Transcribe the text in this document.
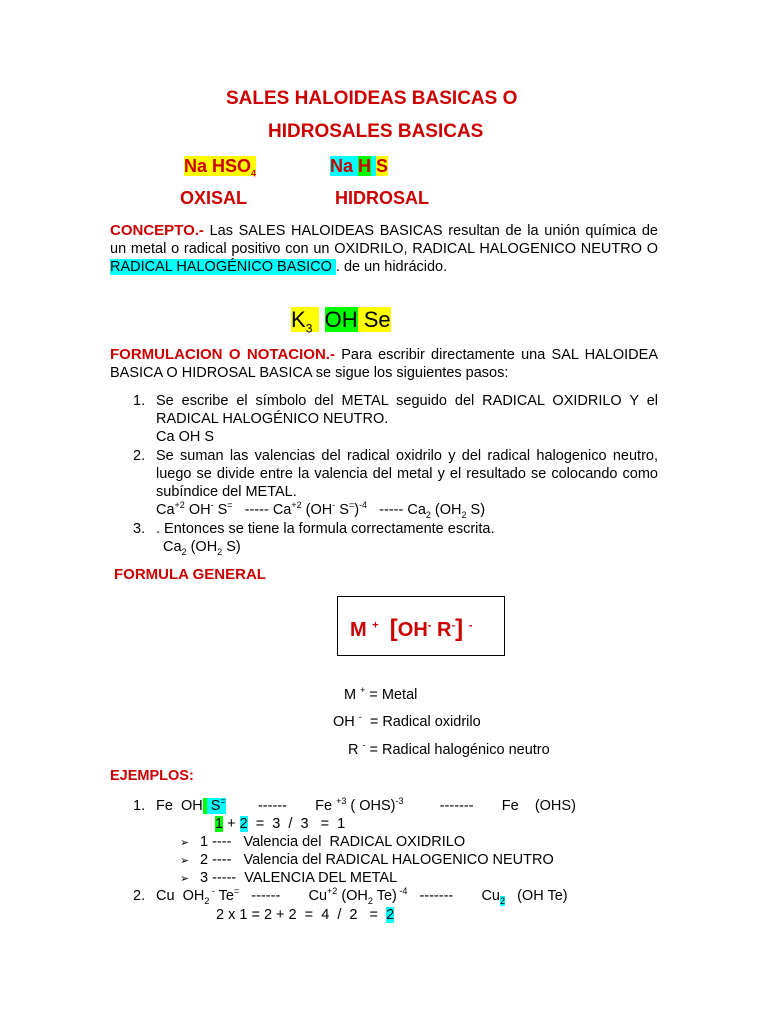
SALES HALOIDEAS BASICAS O
HIDROSALES BASICAS
Na $HSO_4$	Na H S
OXISAL	HIDROSAL
CONCEPTO.- Las SALES HALOIDEAS BASICAS resultan de la unión química de un metal o radical positivo con un OXIDRILO, RADICAL HALOGENICO NEUTRO O RADICAL HALOGÉNICO BASICO . de un hidrácido.
$K_3$ OH Se
FORMULACION O NOTACION.- Para escribir directamente una SAL HALOIDEA BASICA O HIDROSAL BASICA se sigue los siguientes pasos:
1. Se escribe el símbolo del METAL seguido del RADICAL OXIDRILO Y el RADICAL HALOGÉNICO NEUTRO.
Ca OH S
2. Se suman las valencias del radical oxidrilo y del radical halogenico neutro, luego se divide entre la valencia del metal y el resultado se colocando como subíndice del METAL.
$Ca^{+2}$ OH- S=   ----- $Ca^{+2}$ (OH- S=)$^{-4}$   ----- $Ca_2$ ($OH_2$ S)
3. . Entonces se tiene la formula correctamente escrita.
$Ca_2$ ($OH_2$ S)
FORMULA GENERAL
M + [OH- R-] -
M + = Metal
OH -  = Radical oxidrilo
R - = Radical halogénico neutro
EJEMPLOS:
1. Fe  OH  S=        ------       Fe $^{+3}$ ( OHS)$^{-3}$         -------       Fe    (OHS)
1 + 2  =  3  /  3   =  1
➢ 1 ----   Valencia del  RADICAL OXIDRILO
➢ 2 ----   Valencia del RADICAL HALOGENICO NEUTRO
➢ 3 -----  VALENCIA DEL METAL
2. Cu  $OH_2$ - Te=   ------       $Cu^{+2}$ ($OH_2$ Te) $^{-4}$   -------       $Cu_2$   (OH Te)
2 x 1 = 2 + 2  =  4  /  2   =  2
